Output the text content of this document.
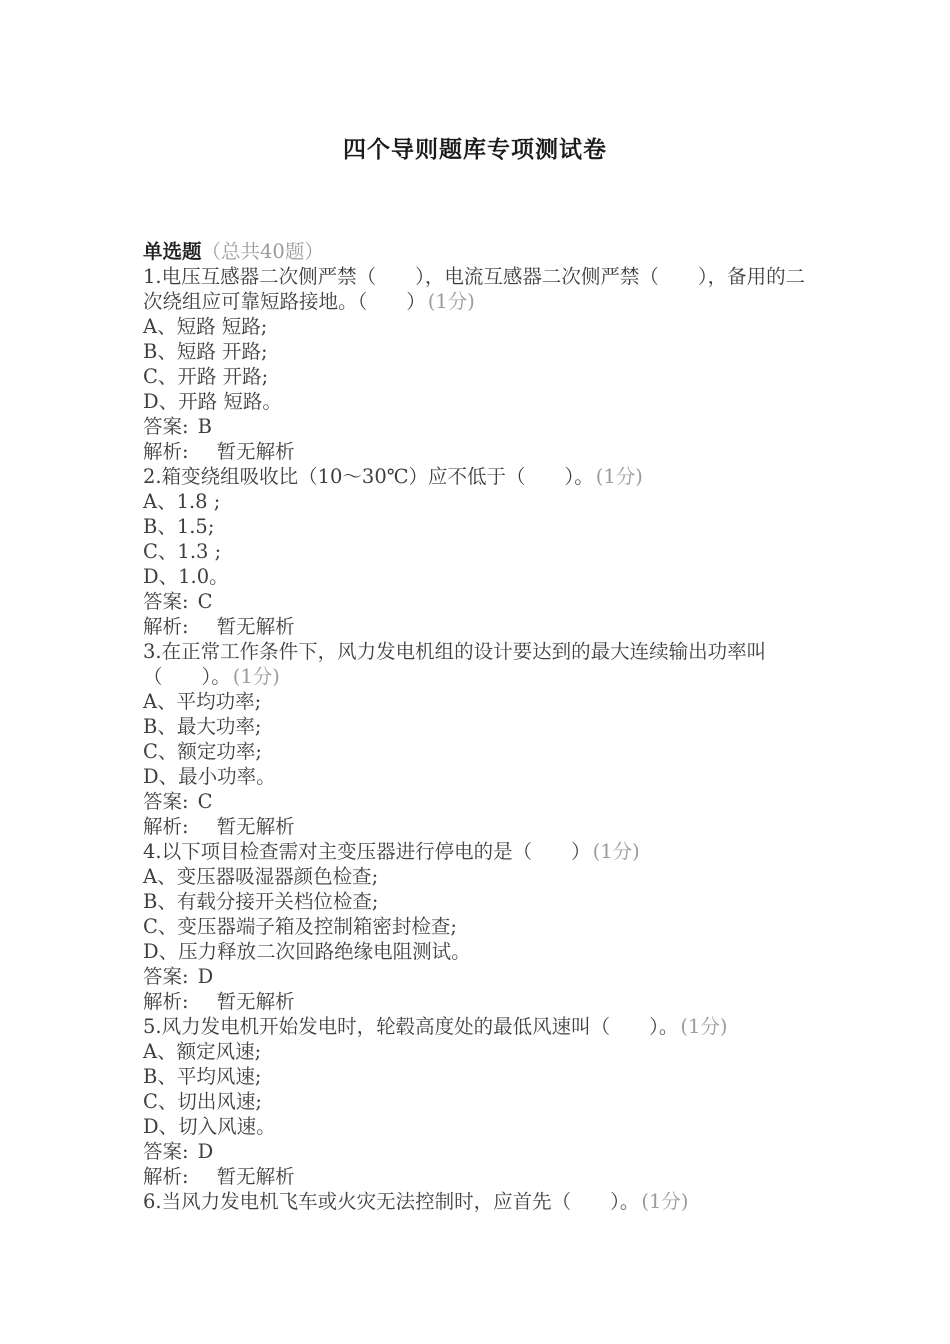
四个导则题库专项测试卷
单选题（总共40题）
1.电压互感器二次侧严禁（　　），电流互感器二次侧严禁（　　），备用的二次绕组应可靠短路接地。（　　） (1分)
A、短路 短路;
B、短路 开路;
C、开路 开路;
D、开路 短路。
答案: B
解析: 暂无解析
2.箱变绕组吸收比（10～30℃）应不低于（　　）。 (1分)
A、1.8 ;
B、1.5;
C、1.3 ;
D、1.0。
答案: C
解析: 暂无解析
3.在正常工作条件下，风力发电机组的设计要达到的最大连续输出功率叫（　　）。 (1分)
A、平均功率;
B、最大功率;
C、额定功率;
D、最小功率。
答案: C
解析: 暂无解析
4.以下项目检查需对主变压器进行停电的是（　　） (1分)
A、变压器吸湿器颜色检查;
B、有载分接开关档位检查;
C、变压器端子箱及控制箱密封检查;
D、压力释放二次回路绝缘电阻测试。
答案: D
解析: 暂无解析
5.风力发电机开始发电时，轮毂高度处的最低风速叫（　　）。 (1分)
A、额定风速;
B、平均风速;
C、切出风速;
D、切入风速。
答案: D
解析: 暂无解析
6.当风力发电机飞车或火灾无法控制时，应首先（　　）。 (1分)
